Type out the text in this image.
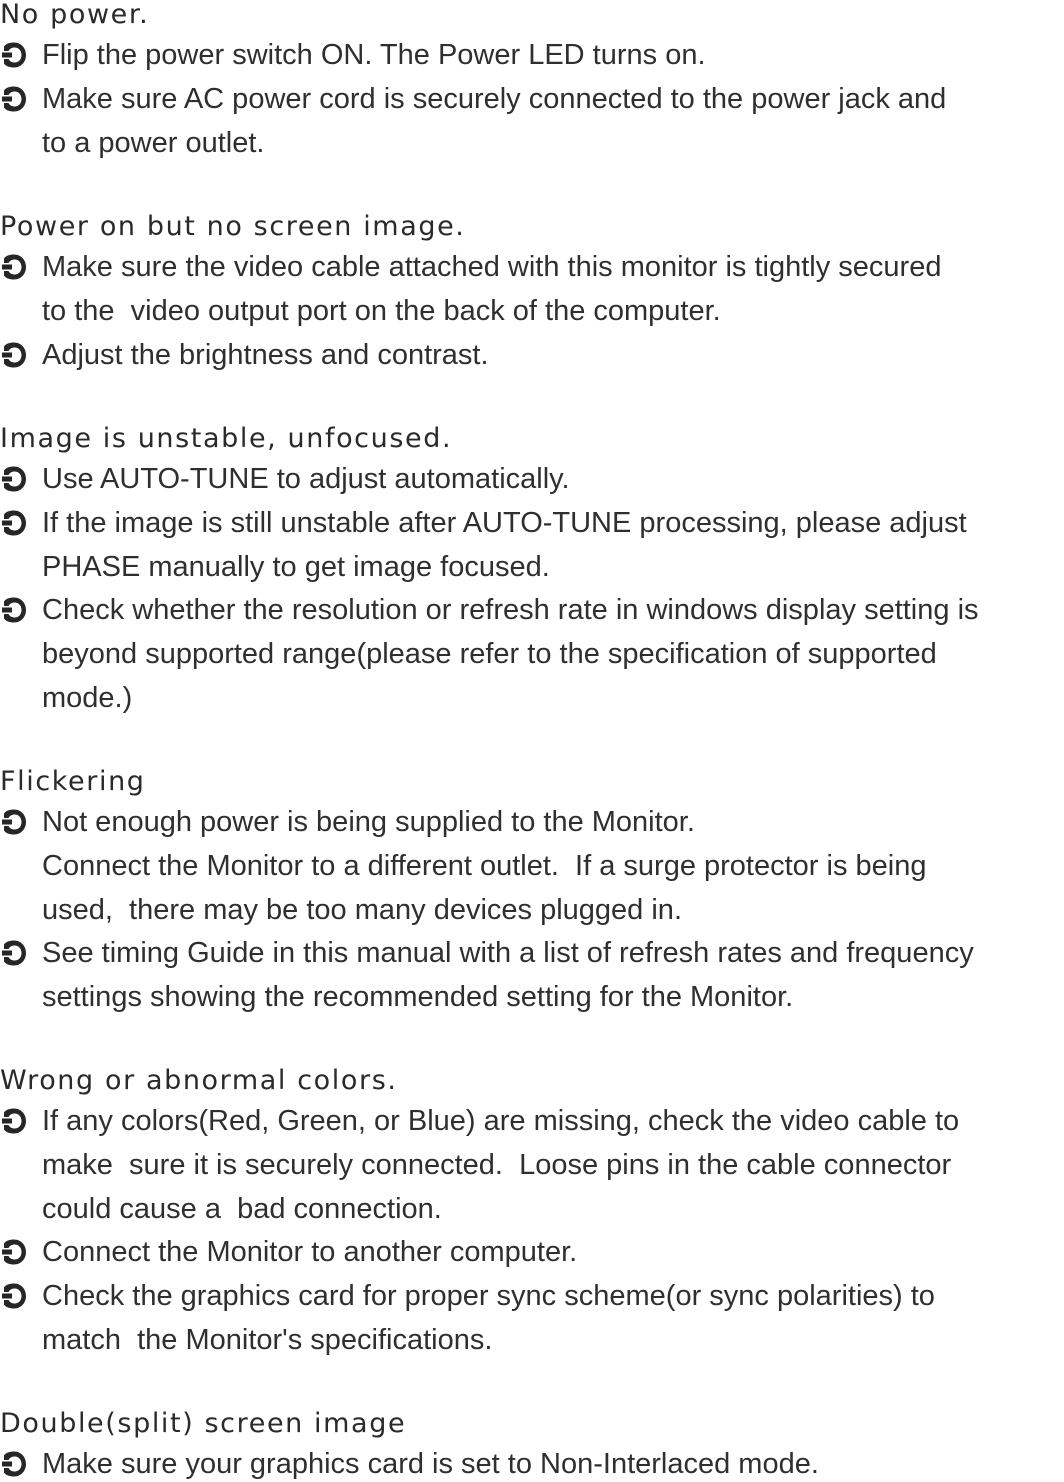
No power.
Flip the power switch ON. The Power LED turns on.
Make sure AC power cord is securely connected to the power jack and
to a power outlet.
Power on but no screen image.
Make sure the video cable attached with this monitor is tightly secured
to the  video output port on the back of the computer.
Adjust the brightness and contrast.
Image is unstable, unfocused.
Use AUTO-TUNE to adjust automatically.
If the image is still unstable after AUTO-TUNE processing, please adjust
PHASE manually to get image focused.
Check whether the resolution or refresh rate in windows display setting is
beyond supported range(please refer to the specification of supported
mode.)
Flickering
Not enough power is being supplied to the Monitor.
Connect the Monitor to a different outlet.  If a surge protector is being
used,  there may be too many devices plugged in.
See timing Guide in this manual with a list of refresh rates and frequency
settings showing the recommended setting for the Monitor.
Wrong or abnormal colors.
If any colors(Red, Green, or Blue) are missing, check the video cable to
make  sure it is securely connected.  Loose pins in the cable connector
could cause a  bad connection.
Connect the Monitor to another computer.
Check the graphics card for proper sync scheme(or sync polarities) to
match  the Monitor's specifications.
Double(split) screen image
Make sure your graphics card is set to Non-Interlaced mode.
